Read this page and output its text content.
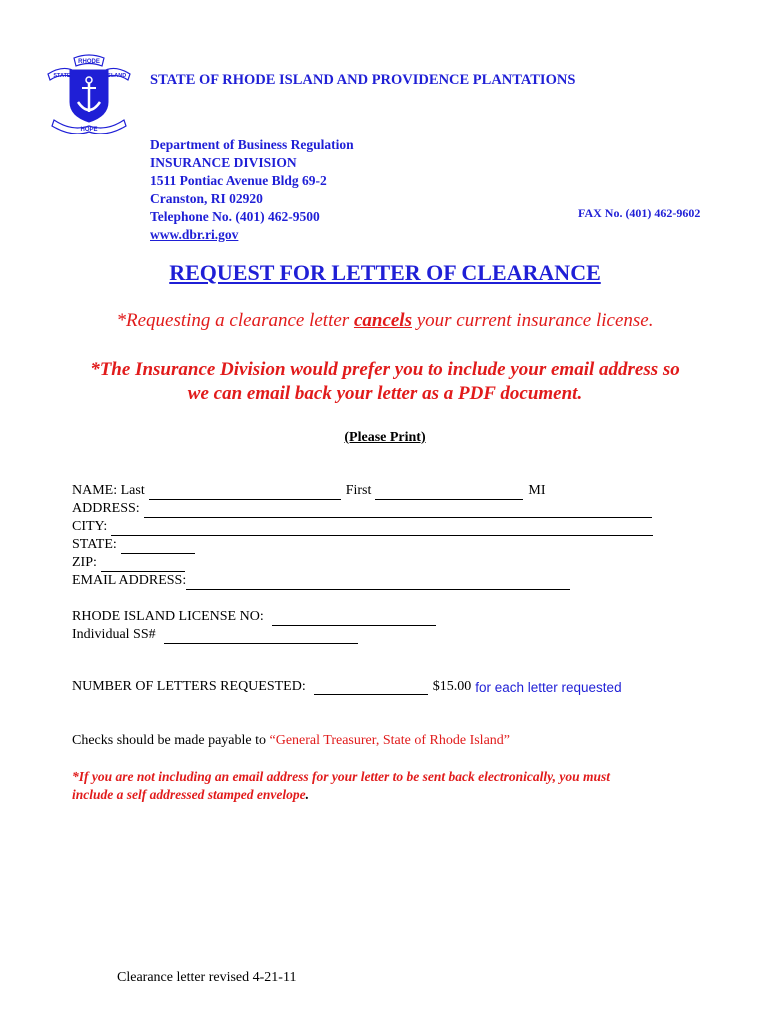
RHODE
STATE	ISLAND
HOPE
STATE OF RHODE ISLAND AND PROVIDENCE PLANTATIONS
Department of Business Regulation
INSURANCE DIVISION
1511 Pontiac Avenue Bldg 69-2
Cranston, RI 02920
Telephone No. (401) 462-9500
www.dbr.ri.gov
FAX No. (401) 462-9602
REQUEST FOR LETTER OF CLEARANCE
*Requesting a clearance letter cancels your current insurance license.
*The Insurance Division would prefer you to include your email address so
we can email back your letter as a PDF document.
(Please Print)
NAME: Last	First	MI
ADDRESS:
CITY:
STATE:
ZIP:
EMAIL ADDRESS:
RHODE ISLAND LICENSE NO:
Individual SS#
NUMBER OF LETTERS REQUESTED:	$15.00 for each letter requested
Checks should be made payable to “General Treasurer, State of Rhode Island”
*If you are not including an email address for your letter to be sent back electronically, you must
include a self addressed stamped envelope.
Clearance letter revised 4-21-11
